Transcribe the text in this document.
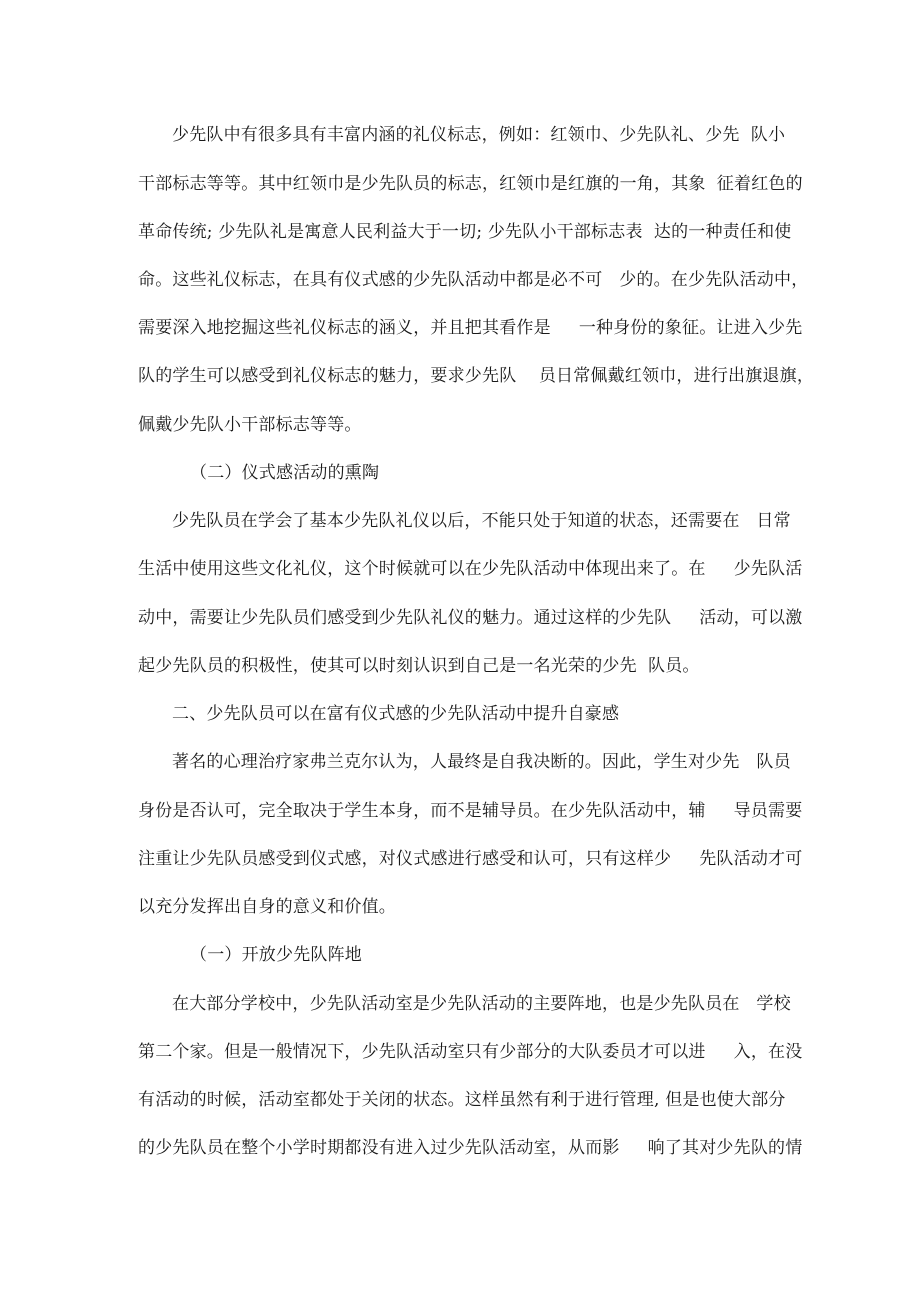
少先队中有很多具有丰富内涵的礼仪标志，例如：红领巾、少先队礼、少先  队小
干部标志等等。其中红领巾是少先队员的标志，红领巾是红旗的一角，其象  征着红色的
革命传统; 少先队礼是寓意人民利益大于一切; 少先队小干部标志表  达的一种责任和使
命。这些礼仪标志，在具有仪式感的少先队活动中都是必不可   少的。在少先队活动中，
需要深入地挖掘这些礼仪标志的涵义，并且把其看作是     一种身份的象征。让进入少先
队的学生可以感受到礼仪标志的魅力，要求少先队    员日常佩戴红领巾，进行出旗退旗，
佩戴少先队小干部标志等等。
（二）仪式感活动的熏陶
少先队员在学会了基本少先队礼仪以后，不能只处于知道的状态，还需要在   日常
生活中使用这些文化礼仪，这个时候就可以在少先队活动中体现出来了。在     少先队活
动中，需要让少先队员们感受到少先队礼仪的魅力。通过这样的少先队     活动，可以激
起少先队员的积极性，使其可以时刻认识到自己是一名光荣的少先  队员。
二、少先队员可以在富有仪式感的少先队活动中提升自豪感
著名的心理治疗家弗兰克尔认为，人最终是自我决断的。因此，学生对少先   队员
身份是否认可，完全取决于学生本身，而不是辅导员。在少先队活动中，辅     导员需要
注重让少先队员感受到仪式感，对仪式感进行感受和认可，只有这样少     先队活动才可
以充分发挥出自身的意义和价值。
（一）开放少先队阵地
在大部分学校中，少先队活动室是少先队活动的主要阵地，也是少先队员在   学校
第二个家。但是一般情况下，少先队活动室只有少部分的大队委员才可以进     入，在没
有活动的时候，活动室都处于关闭的状态。这样虽然有利于进行管理, 但是也使大部分
的少先队员在整个小学时期都没有进入过少先队活动室，从而影     响了其对少先队的情
